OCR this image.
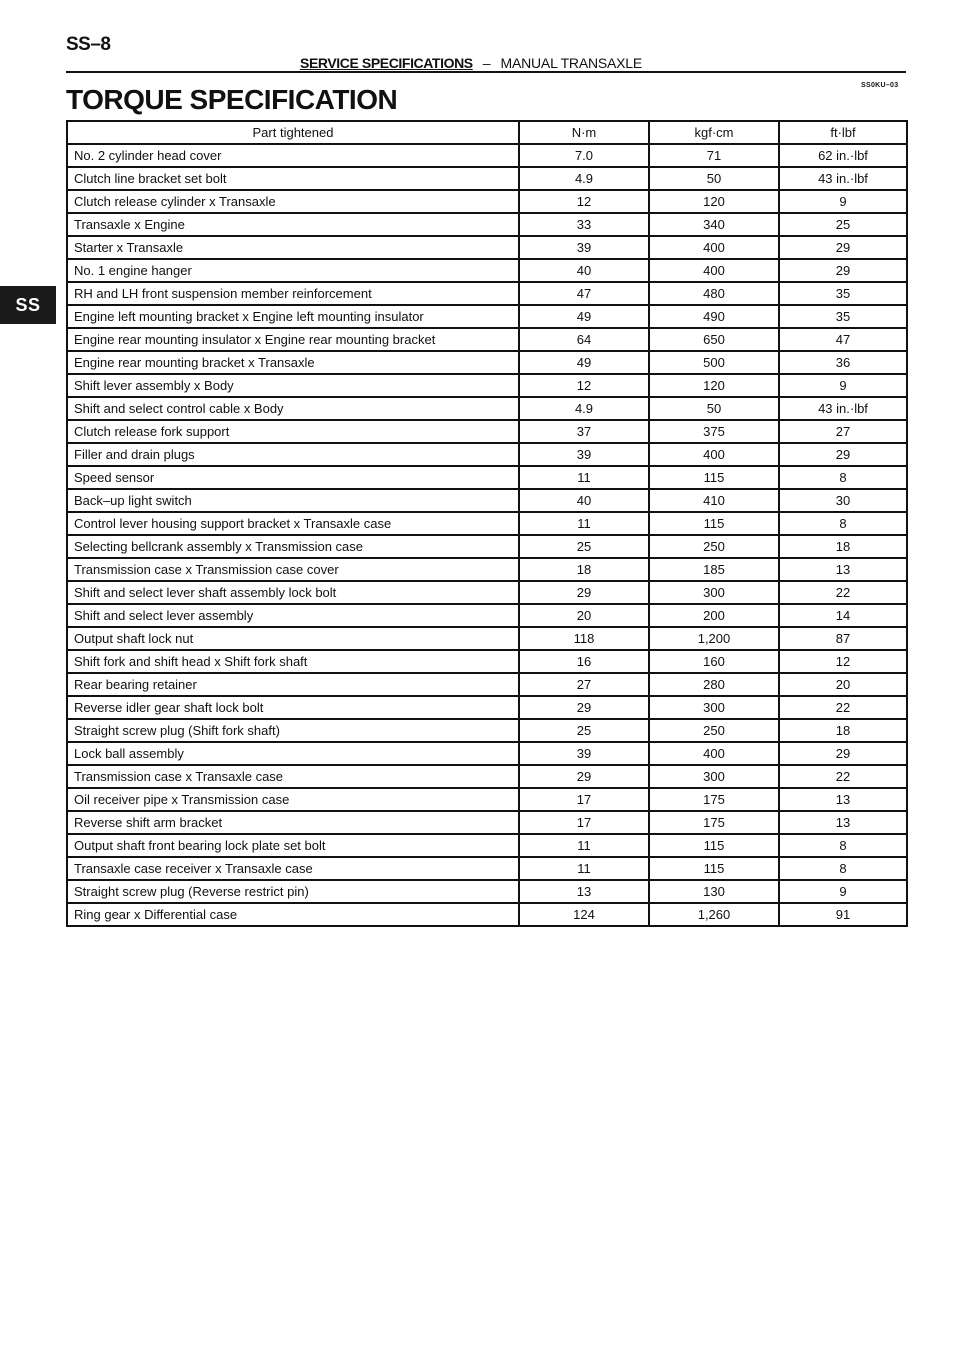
SS–8
SERVICE SPECIFICATIONS – MANUAL TRANSAXLE
SS0KU–03
TORQUE SPECIFICATION
SS
Part tightened	N·m	kgf·cm	ft·lbf
No. 2 cylinder head cover	7.0	71	62 in.·lbf
Clutch line bracket set bolt	4.9	50	43 in.·lbf
Clutch release cylinder x Transaxle	12	120	9
Transaxle x Engine	33	340	25
Starter x Transaxle	39	400	29
No. 1 engine hanger	40	400	29
RH and LH front suspension member reinforcement	47	480	35
Engine left mounting bracket x Engine left mounting insulator	49	490	35
Engine rear mounting insulator x Engine rear mounting bracket	64	650	47
Engine rear mounting bracket x Transaxle	49	500	36
Shift lever assembly x Body	12	120	9
Shift and select control cable x Body	4.9	50	43 in.·lbf
Clutch release fork support	37	375	27
Filler and drain plugs	39	400	29
Speed sensor	11	115	8
Back–up light switch	40	410	30
Control lever housing support bracket x Transaxle case	11	115	8
Selecting bellcrank assembly x Transmission case	25	250	18
Transmission case x Transmission case cover	18	185	13
Shift and select lever shaft assembly lock bolt	29	300	22
Shift and select lever assembly	20	200	14
Output shaft lock nut	118	1,200	87
Shift fork and shift head x Shift fork shaft	16	160	12
Rear bearing retainer	27	280	20
Reverse idler gear shaft lock bolt	29	300	22
Straight screw plug (Shift fork shaft)	25	250	18
Lock ball assembly	39	400	29
Transmission case x Transaxle case	29	300	22
Oil receiver pipe x Transmission case	17	175	13
Reverse shift arm bracket	17	175	13
Output shaft front bearing lock plate set bolt	11	115	8
Transaxle case receiver x Transaxle case	11	115	8
Straight screw plug (Reverse restrict pin)	13	130	9
Ring gear x Differential case	124	1,260	91
